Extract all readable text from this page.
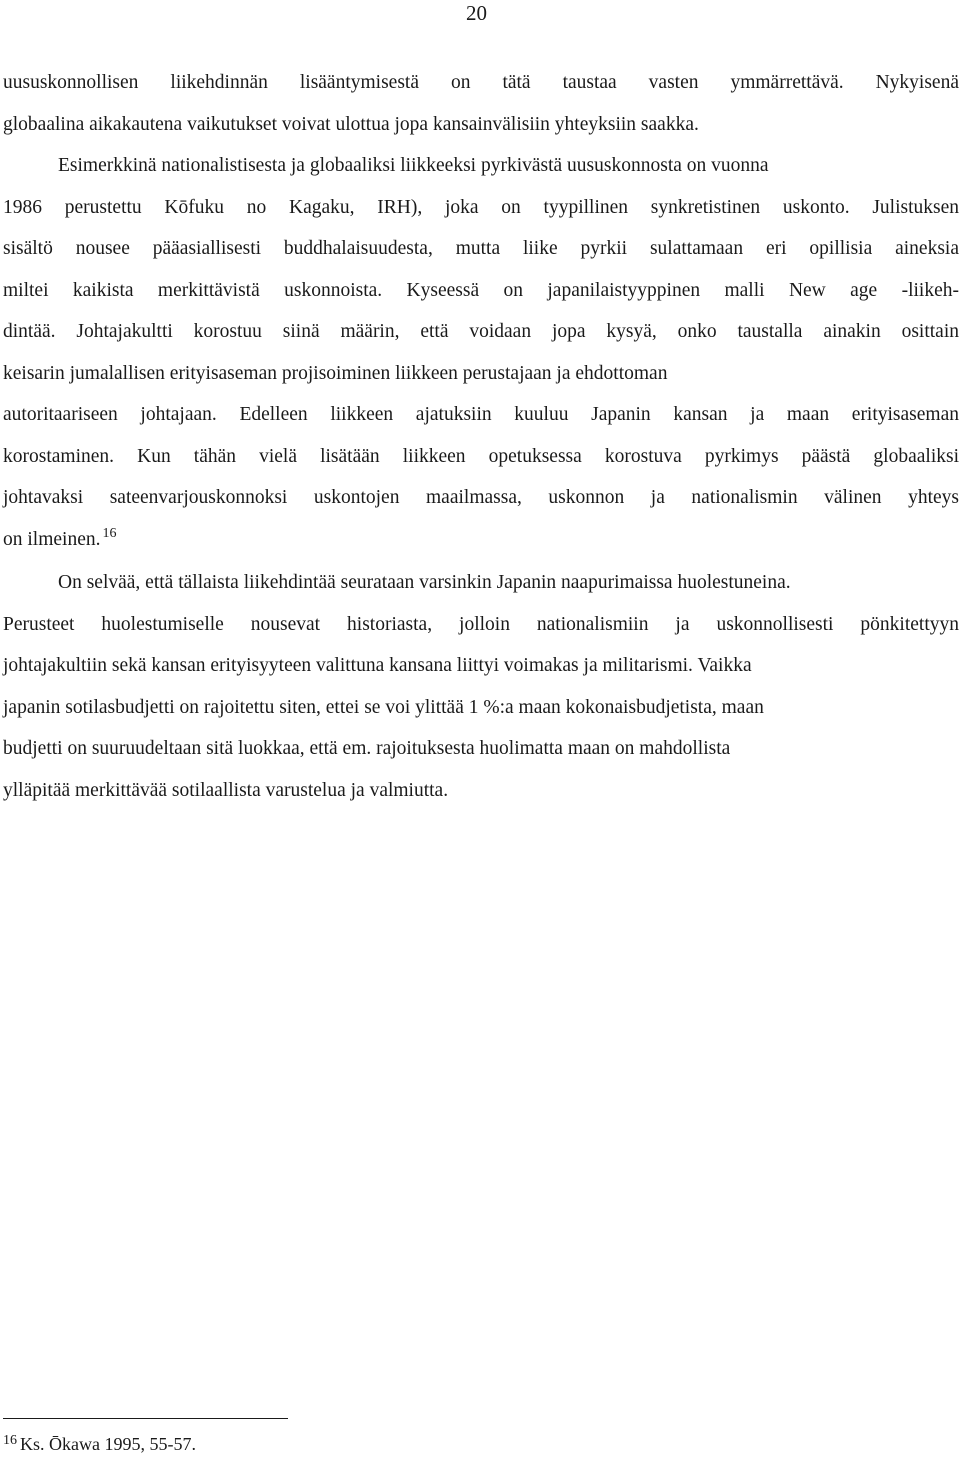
20
uususkonnollisen liikehdinnän lisääntymisestä on tätä taustaa vasten ymmärrettävä. Nykyisenä
globaalina aikakautena vaikutukset voivat ulottua jopa kansainvälisiin yhteyksiin saakka.
Esimerkkinä nationalistisesta ja globaaliksi liikkeeksi pyrkivästä uususkonnosta on vuonna
1986 perustettu Kōfuku no Kagaku, IRH), joka on tyypillinen synkretistinen uskonto. Julistuksen
sisältö nousee pääasiallisesti buddhalaisuudesta, mutta liike pyrkii sulattamaan eri opillisia aineksia
miltei kaikista merkittävistä uskonnoista. Kyseessä on japanilaistyyppinen malli New age -liikeh-
dintää. Johtajakultti korostuu siinä määrin, että voidaan jopa kysyä, onko taustalla ainakin osittain
keisarin jumalallisen erityisaseman projisoiminen liikkeen perustajaan ja ehdottoman
autoritaariseen johtajaan. Edelleen liikkeen ajatuksiin kuuluu Japanin kansan ja maan erityisaseman
korostaminen. Kun tähän vielä lisätään liikkeen opetuksessa korostuva pyrkimys päästä globaaliksi
johtavaksi sateenvarjouskonnoksi uskontojen maailmassa, uskonnon ja nationalismin välinen yhteys
on ilmeinen. $^{16}$
On selvää, että tällaista liikehdintää seurataan varsinkin Japanin naapurimaissa huolestuneina.
Perusteet huolestumiselle nousevat historiasta, jolloin nationalismiin ja uskonnollisesti pönkitettyyn
johtajakultiin sekä kansan erityisyyteen valittuna kansana liittyi voimakas ja militarismi. Vaikka
japanin sotilasbudjetti on rajoitettu siten, ettei se voi ylittää 1 %:a maan kokonaisbudjetista, maan
budjetti on suuruudeltaan sitä luokkaa, että em. rajoituksesta huolimatta maan on mahdollista
ylläpitää merkittävää sotilaallista varustelua ja valmiutta.
$^{16}$ Ks. Ōkawa 1995, 55-57.
